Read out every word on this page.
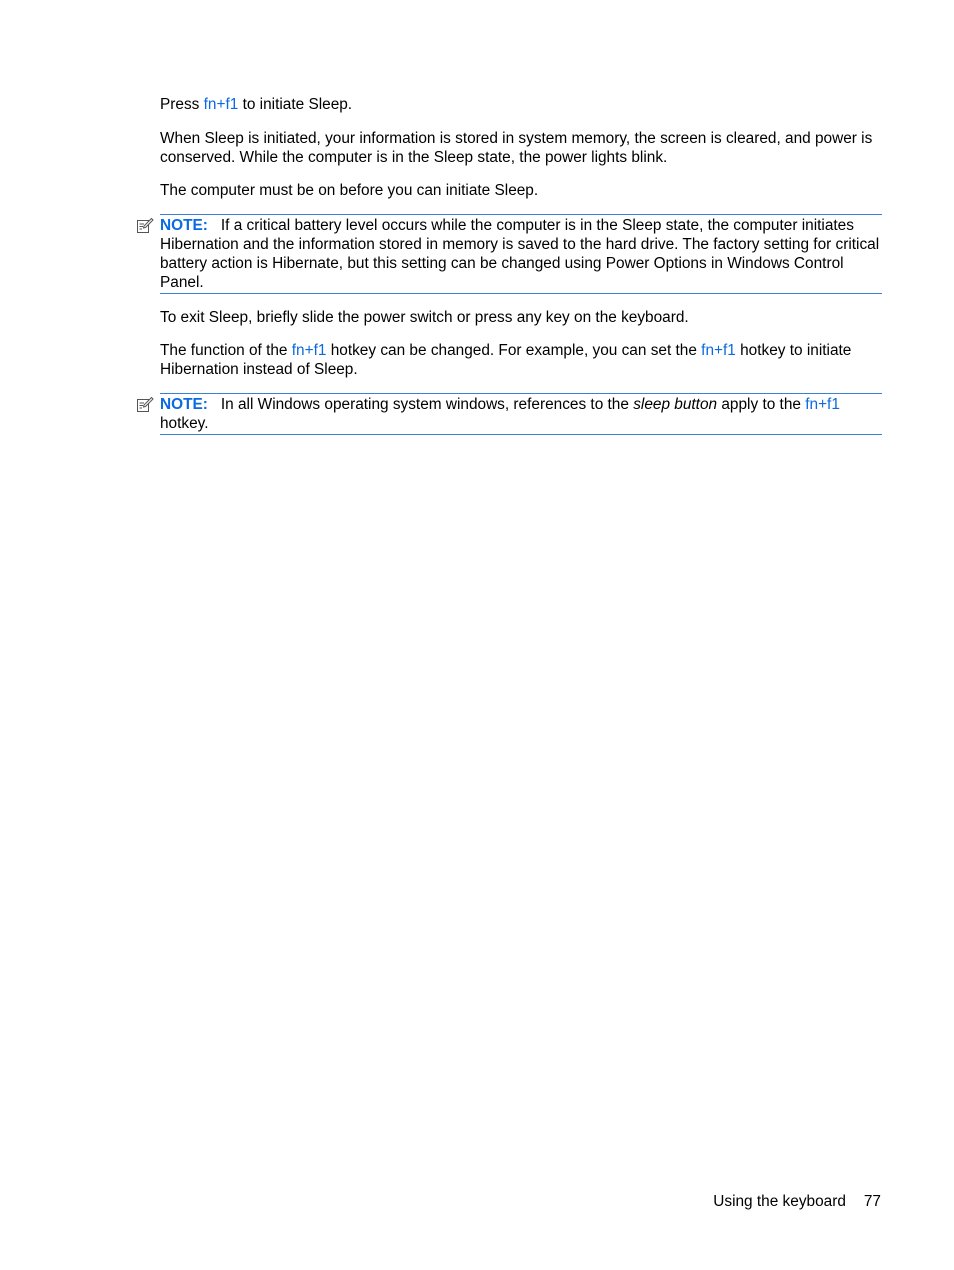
Press fn+f1 to initiate Sleep.

When Sleep is initiated, your information is stored in system memory, the screen is cleared, and power is conserved. While the computer is in the Sleep state, the power lights blink.

The computer must be on before you can initiate Sleep.

NOTE: If a critical battery level occurs while the computer is in the Sleep state, the computer initiates Hibernation and the information stored in memory is saved to the hard drive. The factory setting for critical battery action is Hibernate, but this setting can be changed using Power Options in Windows Control Panel.

To exit Sleep, briefly slide the power switch or press any key on the keyboard.

The function of the fn+f1 hotkey can be changed. For example, you can set the fn+f1 hotkey to initiate Hibernation instead of Sleep.

NOTE: In all Windows operating system windows, references to the sleep button apply to the fn+f1 hotkey.
Using the keyboard 77
